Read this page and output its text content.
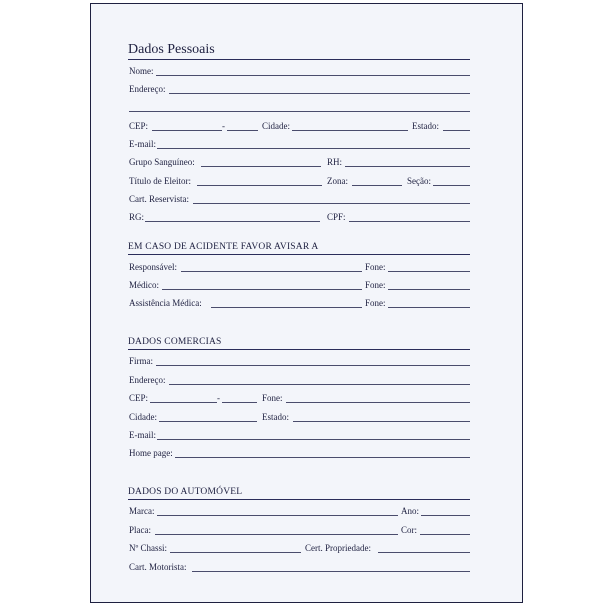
Dados Pessoais
Nome:
Endereço:
CEP:	-	Cidade:	Estado:
E-mail:
Grupo Sanguíneo:	RH:
Título de Eleitor:	Zona:	Seção:
Cart. Reservista:
RG:	CPF:
EM CASO DE ACIDENTE FAVOR AVISAR A
Responsável:	Fone:
Médico:	Fone:
Assistência Médica:	Fone:
DADOS COMERCIAS
Firma:
Endereço:
CEP:	-	Fone:
Cidade:	Estado:
E-mail:
Home page:
DADOS DO AUTOMÓVEL
Marca:	Ano:
Placa:	Cor:
Nº Chassi:	Cert. Propriedade:
Cart. Motorista:
